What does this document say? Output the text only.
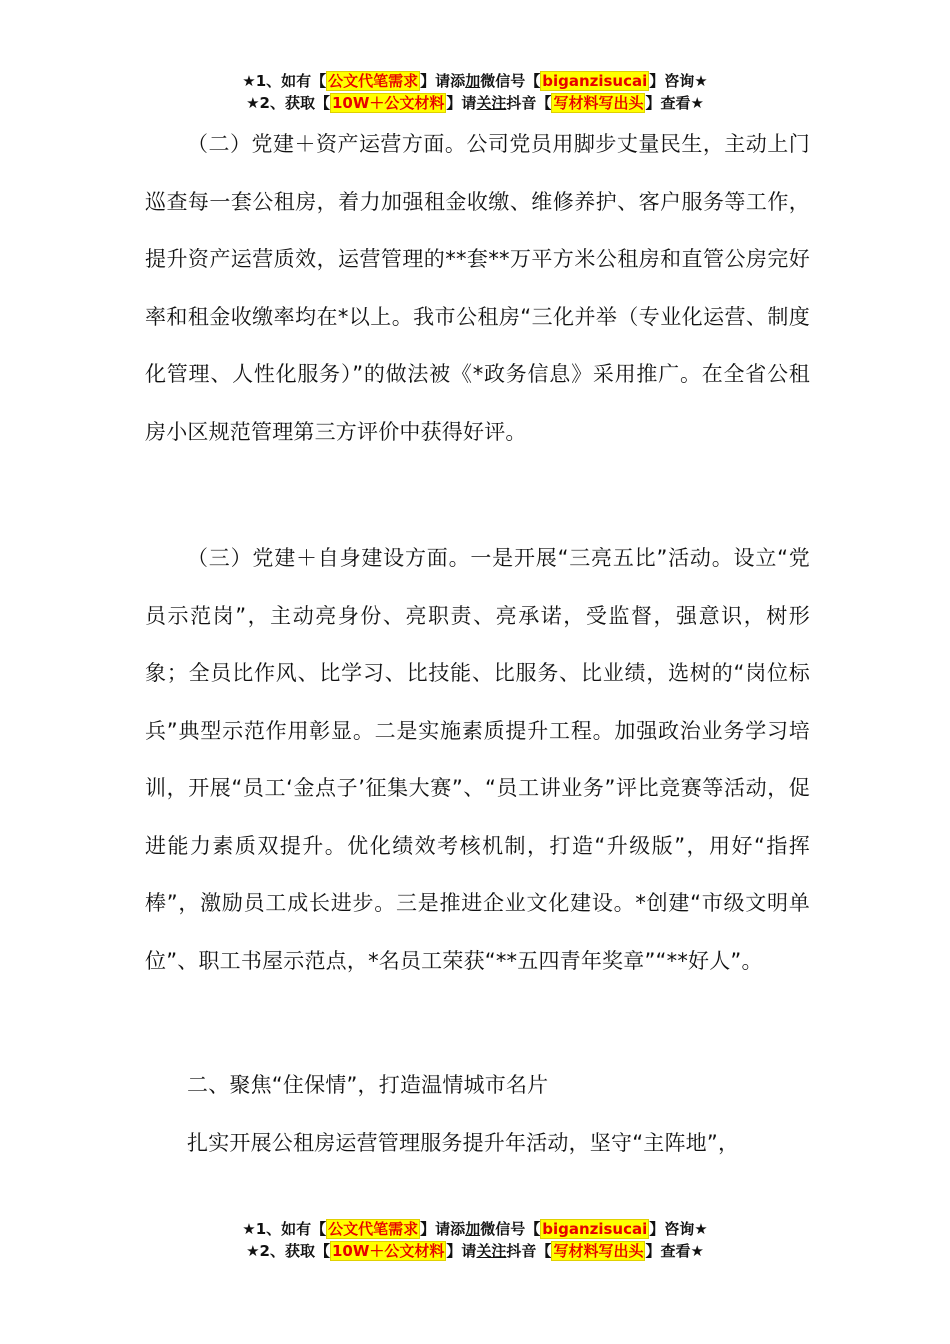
★1、如有【 公文代笔需求 】请添加微信号【 biganzisucai 】咨询★
★2、获取【 10W＋公文材料 】请关注抖音【 写材料写出头 】查看★

（二）党建＋资产运营方面。公司党员用脚步丈量民生，主动上门巡查每一套公租房，着力加强租金收缴、维修养护、客户服务等工作，提升资产运营质效，运营管理的**套**万平方米公租房和直管公房完好率和租金收缴率均在*以上。我市公租房“三化并举（专业化运营、制度化管理、人性化服务）”的做法被《*政务信息》采用推广。在全省公租房小区规范管理第三方评价中获得好评。

（三）党建＋自身建设方面。一是开展“三亮五比”活动。设立“党员示范岗”，主动亮身份、亮职责、亮承诺，受监督，强意识，树形象；全员比作风、比学习、比技能、比服务、比业绩，选树的“岗位标兵”典型示范作用彰显。二是实施素质提升工程。加强政治业务学习培训，开展“员工‘金点子’征集大赛”、“员工讲业务”评比竞赛等活动，促进能力素质双提升。优化绩效考核机制，打造“升级版”，用好“指挥棒”，激励员工成长进步。三是推进企业文化建设。*创建“市级文明单位”、职工书屋示范点，*名员工荣获“**五四青年奖章”“**好人”。

二、聚焦“住保情”，打造温情城市名片

扎实开展公租房运营管理服务提升年活动，坚守“主阵地”，

★1、如有【 公文代笔需求 】请添加微信号【 biganzisucai 】咨询★
★2、获取【 10W＋公文材料 】请关注抖音【 写材料写出头 】查看★
